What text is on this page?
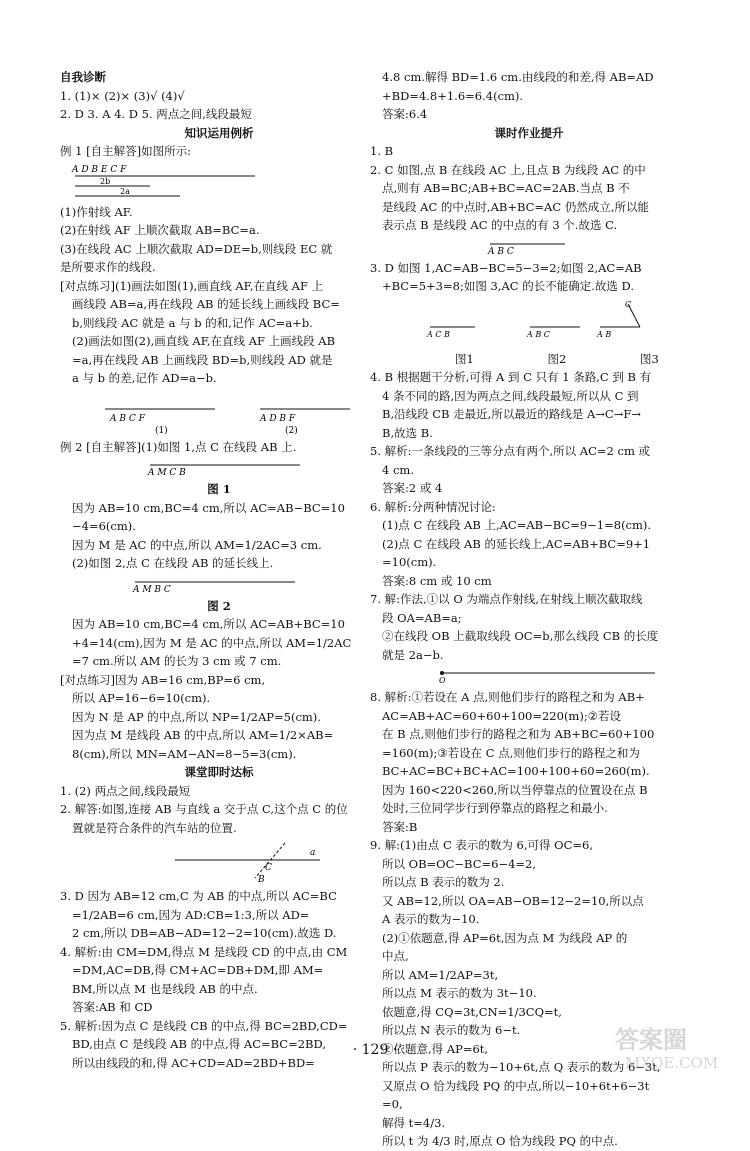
自我诊断
1. (1)× (2)× (3)√ (4)√
2. D 3. A 4. D 5. 两点之间,线段最短
知识运用例析
例 1 [自主解答]如图所示:
A D B E C F
2b
2a
(1)作射线 AF.
(2)在射线 AF 上顺次截取 AB=BC=a.
(3)在线段 AC 上顺次截取 AD=DE=b,则线段 EC 就
是所要求作的线段.
[对点练习](1)画法如图(1),画直线 AF,在直线 AF 上
画线段 AB=a,再在线段 AB 的延长线上画线段 BC=
b,则线段 AC 就是 a 与 b 的和,记作 AC=a+b.
(2)画法如图(2),画直线 AF,在直线 AF 上画线段 AB
=a,再在线段 AB 上画线段 BD=b,则线段 AD 就是
a 与 b 的差,记作 AD=a−b.
A B C F
(1)
A D B F
(2)
例 2 [自主解答](1)如图 1,点 C 在线段 AB 上.
A M C B
图 1
因为 AB=10 cm,BC=4 cm,所以 AC=AB−BC=10
−4=6(cm).
因为 M 是 AC 的中点,所以 AM=1/2AC=3 cm.
(2)如图 2,点 C 在线段 AB 的延长线上.
A M B C
图 2
因为 AB=10 cm,BC=4 cm,所以 AC=AB+BC=10
+4=14(cm),因为 M 是 AC 的中点,所以 AM=1/2AC
=7 cm.所以 AM 的长为 3 cm 或 7 cm.
[对点练习]因为 AB=16 cm,BP=6 cm,
所以 AP=16−6=10(cm).
因为 N 是 AP 的中点,所以 NP=1/2AP=5(cm).
因为点 M 是线段 AB 的中点,所以 AM=1/2×AB=
8(cm),所以 MN=AM−AN=8−5=3(cm).
课堂即时达标
1. (2) 两点之间,线段最短
2. 解答:如图,连接 AB 与直线 a 交于点 C,这个点 C 的位
置就是符合条件的汽车站的位置.
a
C
B
3. D 因为 AB=12 cm,C 为 AB 的中点,所以 AC=BC
=1/2AB=6 cm,因为 AD:CB=1:3,所以 AD=
2 cm,所以 DB=AB−AD=12−2=10(cm).故选 D.
4. 解析:由 CM=DM,得点 M 是线段 CD 的中点,由 CM
=DM,AC=DB,得 CM+AC=DB+DM,即 AM=
BM,所以点 M 也是线段 AB 的中点.
答案:AB 和 CD
5. 解析:因为点 C 是线段 CB 的中点,得 BC=2BD,CD=
BD,由点 C 是线段 AB 的中点,得 AC=BC=2BD,
所以由线段的和,得 AC+CD=AD=2BD+BD=
4.8 cm.解得 BD=1.6 cm.由线段的和差,得 AB=AD
+BD=4.8+1.6=6.4(cm).
答案:6.4
课时作业提升
1. B
2. C 如图,点 B 在线段 AC 上,且点 B 为线段 AC 的中
点,则有 AB=BC;AB+BC=AC=2AB.当点 B 不
是线段 AC 的中点时,AB+BC=AC 仍然成立,所以能
表示点 B 是线段 AC 的中点的有 3 个.故选 C.
A B C
3. D 如图 1,AC=AB−BC=5−3=2;如图 2,AC=AB
+BC=5+3=8;如图 3,AC 的长不能确定.故选 D.
A C B	A B C	A B
C
图1	图2	图3
4. B 根据题干分析,可得 A 到 C 只有 1 条路,C 到 B 有
4 条不同的路,因为两点之间,线段最短,所以从 C 到
B,沿线段 CB 走最近,所以最近的路线是 A→C→F→
B,故选 B.
5. 解析:一条线段的三等分点有两个,所以 AC=2 cm 或
4 cm.
答案:2 或 4
6. 解析:分两种情况讨论:
(1)点 C 在线段 AB 上,AC=AB−BC=9−1=8(cm).
(2)点 C 在线段 AB 的延长线上,AC=AB+BC=9+1
=10(cm).
答案:8 cm 或 10 cm
7. 解:作法,①以 O 为端点作射线,在射线上顺次截取线
段 OA=AB=a;
②在线段 OB 上截取线段 OC=b,那么线段 CB 的长度
就是 2a−b.
O
8. 解析:①若设在 A 点,则他们步行的路程之和为 AB+
AC=AB+AC=60+60+100=220(m);②若设
在 B 点,则他们步行的路程之和为 AB+BC=60+100
=160(m);③若设在 C 点,则他们步行的路程之和为
BC+AC=BC+BC+AC=100+100+60=260(m).
因为 160<220<260,所以当停靠点的位置设在点 B
处时,三位同学步行到停靠点的路程之和最小.
答案:B
9. 解:(1)由点 C 表示的数为 6,可得 OC=6,
所以 OB=OC−BC=6−4=2,
所以点 B 表示的数为 2.
又 AB=12,所以 OA=AB−OB=12−2=10,所以点
A 表示的数为−10.
(2)①依题意,得 AP=6t,因为点 M 为线段 AP 的
中点,
所以 AM=1/2AP=3t,
所以点 M 表示的数为 3t−10.
依题意,得 CQ=3t,CN=1/3CQ=t,
所以点 N 表示的数为 6−t.
②依题意,得 AP=6t,
所以点 P 表示的数为−10+6t,点 Q 表示的数为 6−3t,
又原点 O 恰为线段 PQ 的中点,所以−10+6t+6−3t
=0,
解得 t=4/3.
所以 t 为 4/3 时,原点 O 恰为线段 PQ 的中点.
· 129 ·	答案圈
MXQE.COM
